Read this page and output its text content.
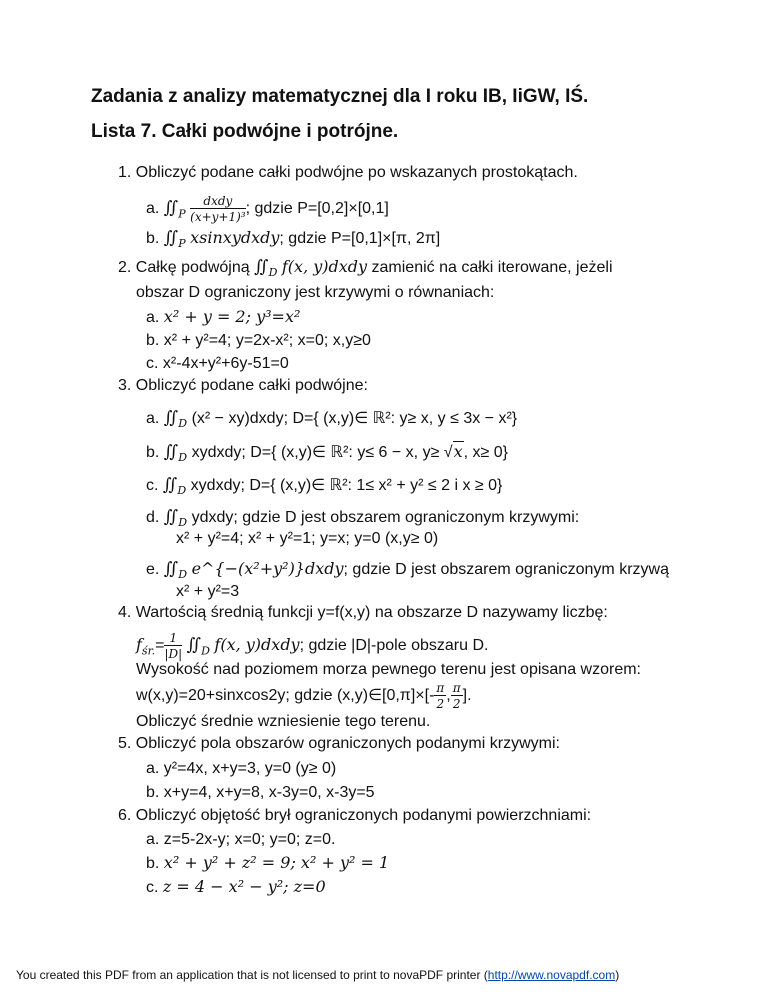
Zadania z analizy matematycznej dla I roku IB, IiGW, IŚ.
Lista 7. Całki podwójne i potrójne.
1. Obliczyć podane całki podwójne po wskazanych prostokątach.
a. $∬_P \frac{\text{dxdy}}{\text{(x+y+1)³}}$ ; gdzie P=[0,2]×[0,1]
b. $∬_P$ xsinxydxdy; gdzie P=[0,1]×[π, 2π]
2. Całkę podwójną $∬_D$ f(x, y)dxdy zamienić na całki iterowane, jeżeli
obszar D ograniczony jest krzywymi o równaniach:
a. x² + y = 2; y³=x²
b. x² + y²=4; y=2x-x²; x=0; x,y≥0
c. x²-4x+y²+6y-51=0
3. Obliczyć podane całki podwójne:
a. $∬_D$ (x² − xy)dxdy; D={ (x,y)∈ ℝ²: y≥ x, y ≤ 3x − x²}
b. $∬_D$ xydxdy; D={ (x,y)∈ ℝ²: y≤ 6 − x, y≥ √x, x≥ 0}
c. $∬_D$ xydxdy; D={ (x,y)∈ ℝ²: 1≤ x² + y² ≤ 2 i x ≥ 0}
d. $∬_D$ ydxdy; gdzie D jest obszarem ograniczonym krzywymi:
x² + y²=4; x² + y²=1; y=x; y=0 (x,y≥ 0)
e. $∬_D$ e^{−(x²+y²)}dxdy; gdzie D jest obszarem ograniczonym krzywą
x² + y²=3
4. Wartością średnią funkcji y=f(x,y) na obszarze D nazywamy liczbę:
$f_{śr.}= \frac{1}{|D|}$ $∬_D$ f(x, y)dxdy; gdzie |D|-pole obszaru D.
Wysokość nad poziomem morza pewnego terenu jest opisana wzorem:
w(x,y)=20+sinxcos2y; gdzie (x,y)∈[0,π]×[- $\frac{\pi}{2}$ , $\frac{\pi}{2}$ ].
Obliczyć średnie wzniesienie tego terenu.
5. Obliczyć pola obszarów ograniczonych podanymi krzywymi:
a. y²=4x, x+y=3, y=0 (y≥ 0)
b. x+y=4, x+y=8, x-3y=0, x-3y=5
6. Obliczyć objętość brył ograniczonych podanymi powierzchniami:
a. z=5-2x-y; x=0; y=0; z=0.
b. x² + y² + z² = 9; x² + y² = 1
c. z = 4 − x² − y²; z=0
You created this PDF from an application that is not licensed to print to novaPDF printer (http://www.novapdf.com)
